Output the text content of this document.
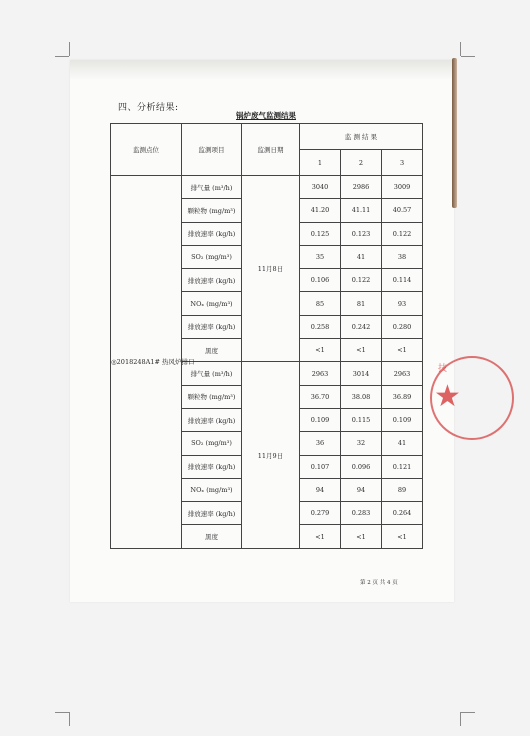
四、分析结果:
锅炉废气监测结果
监测点位	监测项目	监测日期	监 测 结 果		
			1	2	3
◎2018248A1# 热风炉排口	排气量 (m³/h)	11月8日	3040	2986	3009
	颗粒物 (mg/m³)		41.20	41.11	40.57
	排放速率 (kg/h)		0.125	0.123	0.122
	SO₂ (mg/m³)		35	41	38
	排放速率 (kg/h)		0.106	0.122	0.114
	NOₓ (mg/m³)		85	81	93
	排放速率 (kg/h)		0.258	0.242	0.280
	黑度		<1	<1	<1
	排气量 (m³/h)	11月9日	2963	3014	2963
	颗粒物 (mg/m³)		36.70	38.08	36.89
	排放速率 (kg/h)		0.109	0.115	0.109
	SO₂ (mg/m³)		36	32	41
	排放速率 (kg/h)		0.107	0.096	0.121
	NOₓ (mg/m³)		94	94	89
	排放速率 (kg/h)		0.279	0.283	0.264
	黑度		<1	<1	<1
第 2 页 共 4 页
技
★
